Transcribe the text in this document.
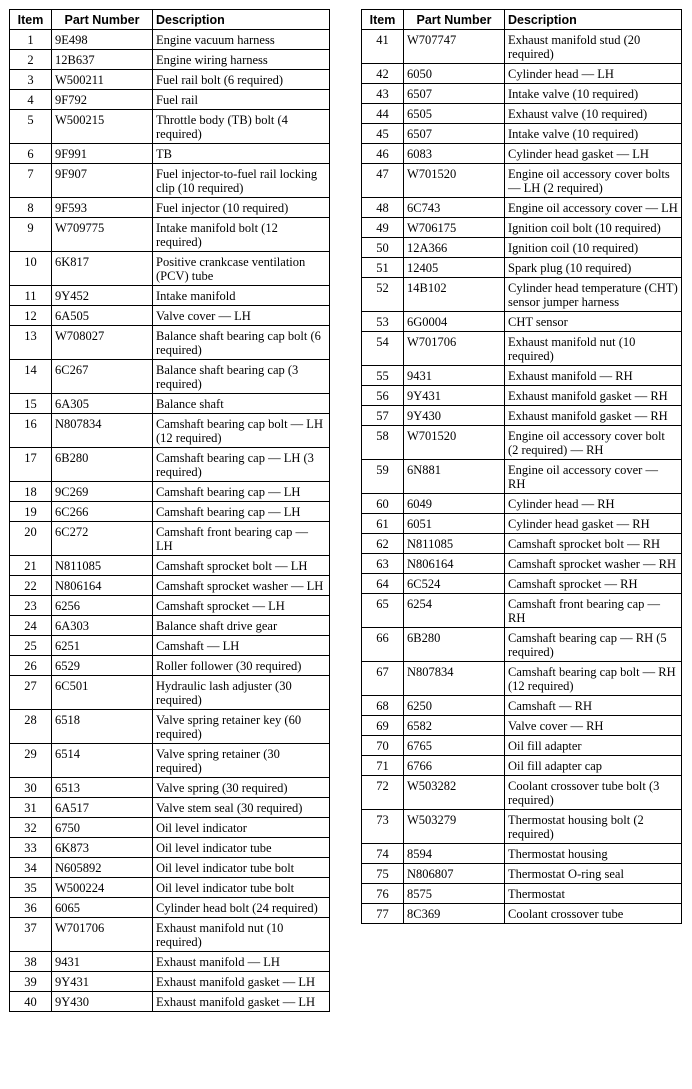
Item	Part Number	Description
1	9E498	Engine vacuum harness
2	12B637	Engine wiring harness
3	W500211	Fuel rail bolt (6 required)
4	9F792	Fuel rail
5	W500215	Throttle body (TB) bolt (4 required)
6	9F991	TB
7	9F907	Fuel injector-to-fuel rail locking clip (10 required)
8	9F593	Fuel injector (10 required)
9	W709775	Intake manifold bolt (12 required)
10	6K817	Positive crankcase ventilation (PCV) tube
11	9Y452	Intake manifold
12	6A505	Valve cover — LH
13	W708027	Balance shaft bearing cap bolt (6 required)
14	6C267	Balance shaft bearing cap (3 required)
15	6A305	Balance shaft
16	N807834	Camshaft bearing cap bolt — LH (12 required)
17	6B280	Camshaft bearing cap — LH (3 required)
18	9C269	Camshaft bearing cap — LH
19	6C266	Camshaft bearing cap — LH
20	6C272	Camshaft front bearing cap — LH
21	N811085	Camshaft sprocket bolt — LH
22	N806164	Camshaft sprocket washer — LH
23	6256	Camshaft sprocket — LH
24	6A303	Balance shaft drive gear
25	6251	Camshaft — LH
26	6529	Roller follower (30 required)
27	6C501	Hydraulic lash adjuster (30 required)
28	6518	Valve spring retainer key (60 required)
29	6514	Valve spring retainer (30 required)
30	6513	Valve spring (30 required)
31	6A517	Valve stem seal (30 required)
32	6750	Oil level indicator
33	6K873	Oil level indicator tube
34	N605892	Oil level indicator tube bolt
35	W500224	Oil level indicator tube bolt
36	6065	Cylinder head bolt (24 required)
37	W701706	Exhaust manifold nut (10 required)
38	9431	Exhaust manifold — LH
39	9Y431	Exhaust manifold gasket — LH
40	9Y430	Exhaust manifold gasket — LH
Item	Part Number	Description
41	W707747	Exhaust manifold stud (20 required)
42	6050	Cylinder head — LH
43	6507	Intake valve (10 required)
44	6505	Exhaust valve (10 required)
45	6507	Intake valve (10 required)
46	6083	Cylinder head gasket — LH
47	W701520	Engine oil accessory cover bolts — LH (2 required)
48	6C743	Engine oil accessory cover — LH
49	W706175	Ignition coil bolt (10 required)
50	12A366	Ignition coil (10 required)
51	12405	Spark plug (10 required)
52	14B102	Cylinder head temperature (CHT) sensor jumper harness
53	6G0004	CHT sensor
54	W701706	Exhaust manifold nut (10 required)
55	9431	Exhaust manifold — RH
56	9Y431	Exhaust manifold gasket — RH
57	9Y430	Exhaust manifold gasket — RH
58	W701520	Engine oil accessory cover bolt (2 required) — RH
59	6N881	Engine oil accessory cover — RH
60	6049	Cylinder head — RH
61	6051	Cylinder head gasket — RH
62	N811085	Camshaft sprocket bolt — RH
63	N806164	Camshaft sprocket washer — RH
64	6C524	Camshaft sprocket — RH
65	6254	Camshaft front bearing cap — RH
66	6B280	Camshaft bearing cap — RH (5 required)
67	N807834	Camshaft bearing cap bolt — RH (12 required)
68	6250	Camshaft — RH
69	6582	Valve cover — RH
70	6765	Oil fill adapter
71	6766	Oil fill adapter cap
72	W503282	Coolant crossover tube bolt (3 required)
73	W503279	Thermostat housing bolt (2 required)
74	8594	Thermostat housing
75	N806807	Thermostat O-ring seal
76	8575	Thermostat
77	8C369	Coolant crossover tube
